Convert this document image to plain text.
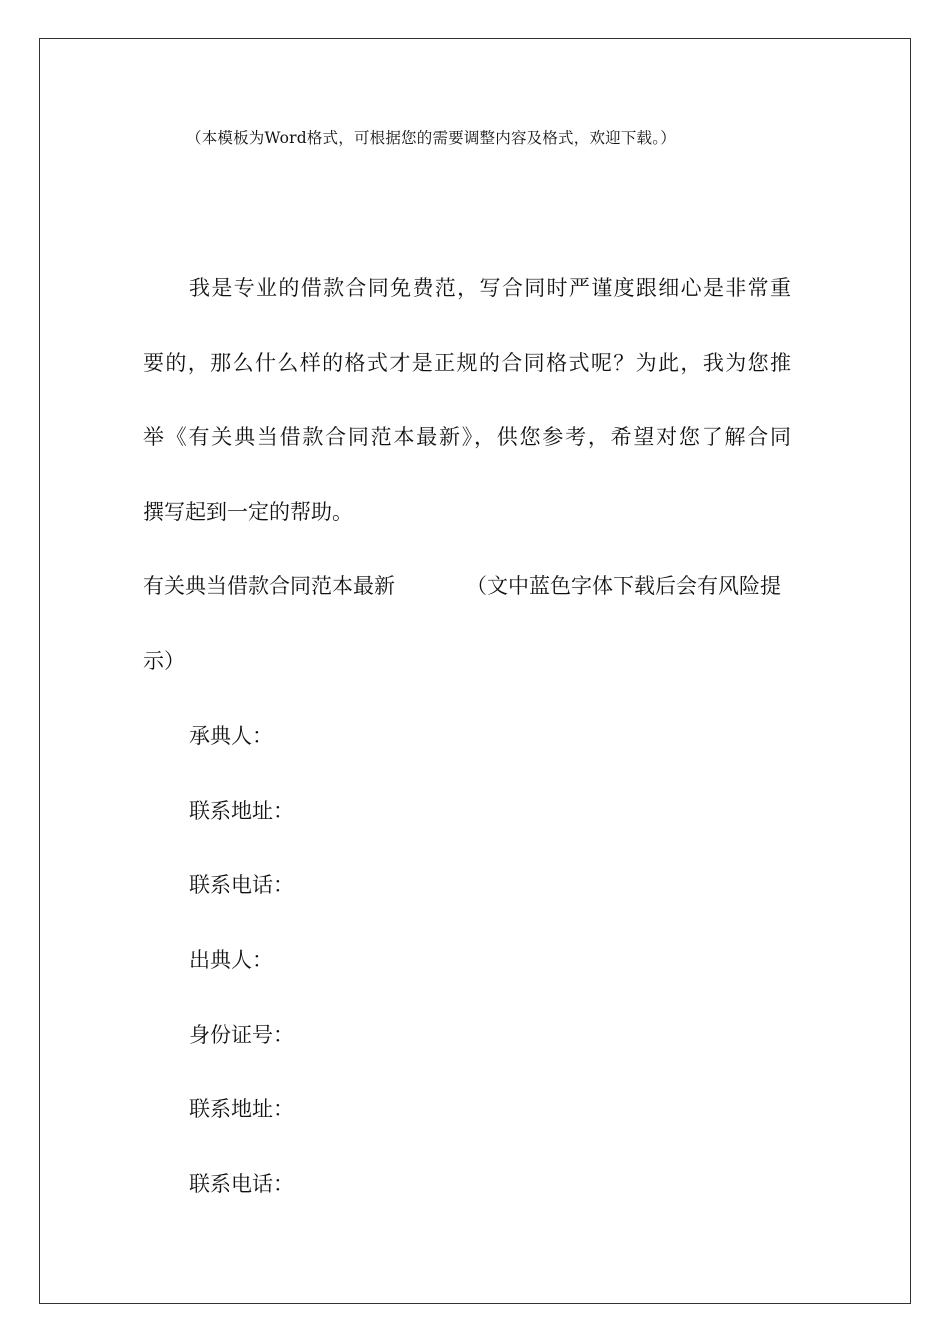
（本模板为Word格式，可根据您的需要调整内容及格式，欢迎下载。）
我是专业的借款合同免费范，写合同时严谨度跟细心是非常重
要的，那么什么样的格式才是正规的合同格式呢？为此，我为您推
举《有关典当借款合同范本最新》，供您参考，希望对您了解合同
撰写起到一定的帮助。
有关典当借款合同范本最新	（文中蓝色字体下载后会有风险提
示）
承典人：
联系地址：
联系电话：
出典人：
身份证号：
联系地址：
联系电话：
